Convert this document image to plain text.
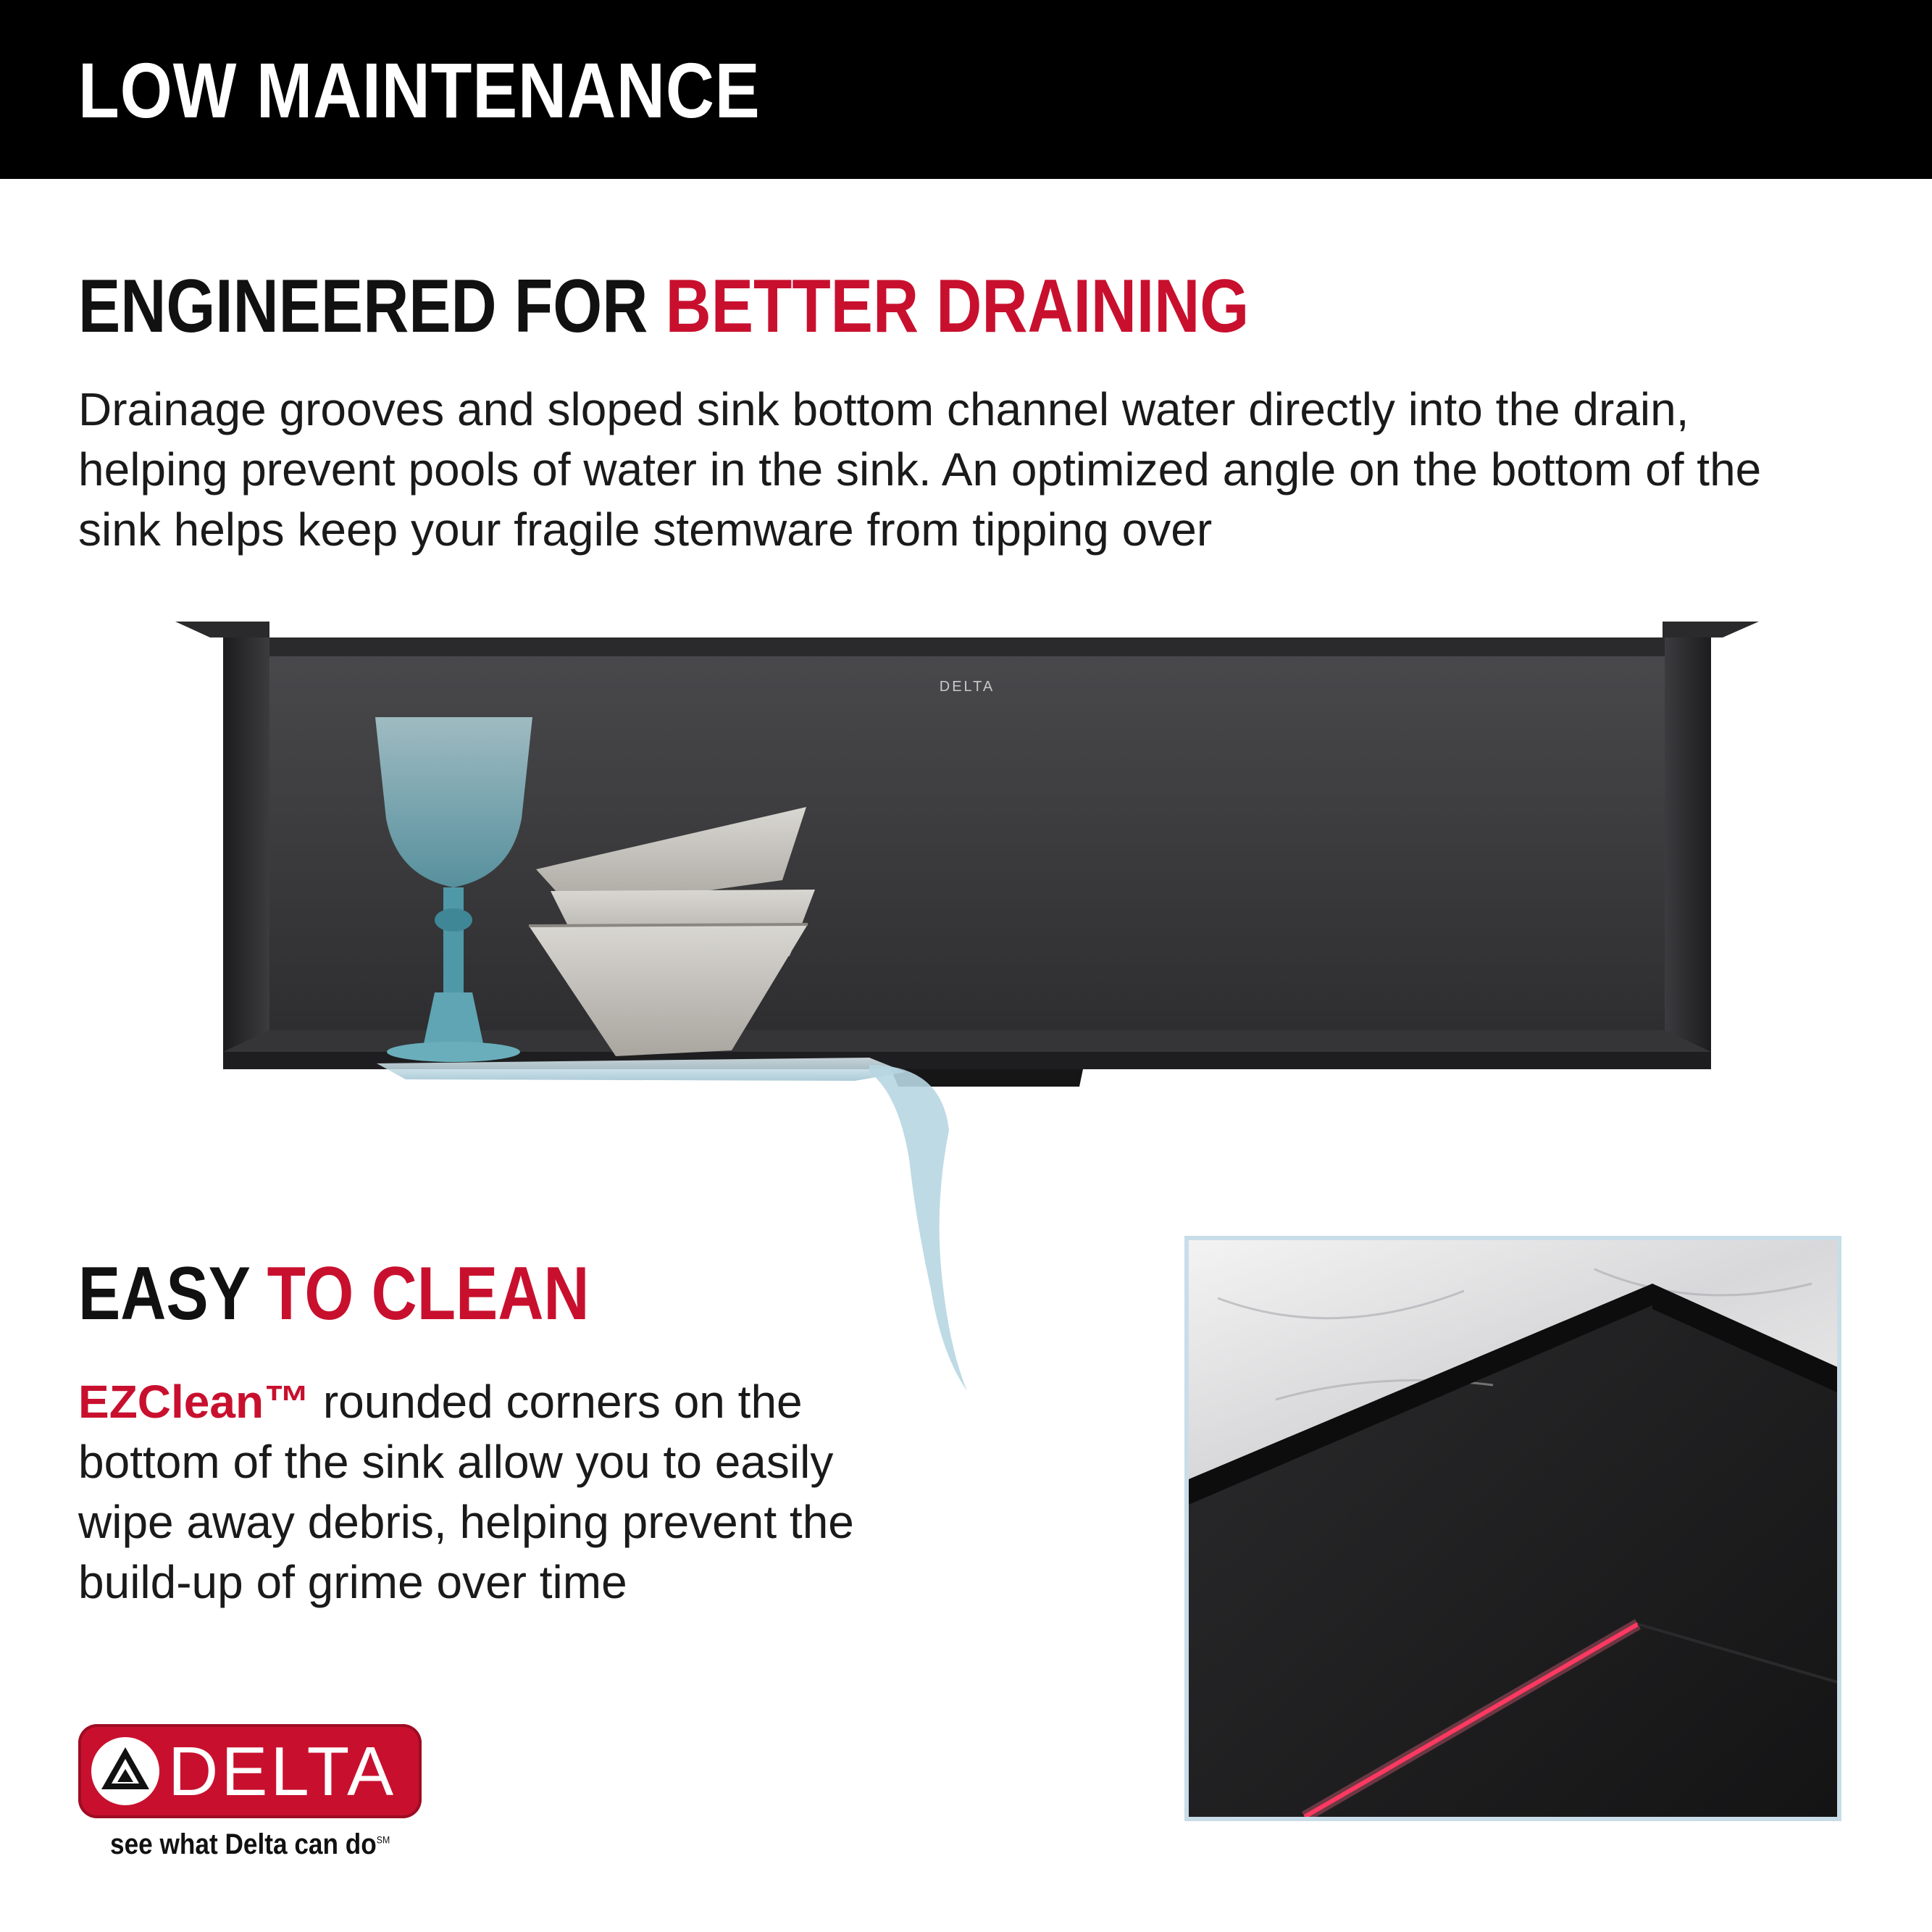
LOW MAINTENANCE
ENGINEERED FOR BETTER DRAINING
Drainage grooves and sloped sink bottom channel water directly into the drain, helping prevent pools of water in the sink. An optimized angle on the bottom of the sink helps keep your fragile stemware from tipping over
DELTA
EASY TO CLEAN
EZClean™ rounded corners on the bottom of the sink allow you to easily wipe away debris, helping prevent the build-up of grime over time
DELTA
see what Delta can do℠
